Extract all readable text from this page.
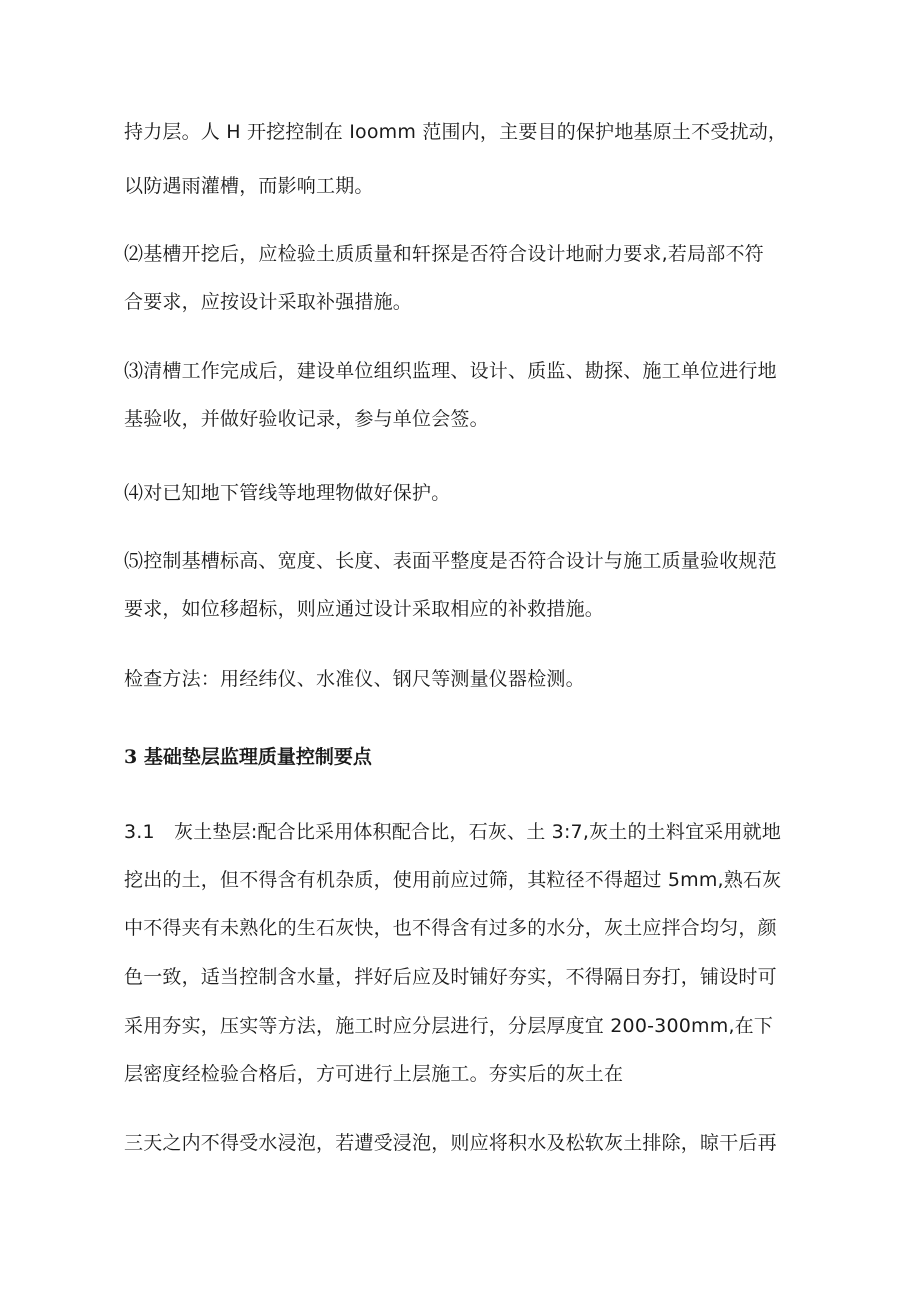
持力层。人 H 开挖控制在 Ioomm 范围内，主要目的保护地基原土不受扰动，
以防遇雨灌槽，而影响工期。
⑵基槽开挖后，应检验土质质量和轩探是否符合设计地耐力要求,若局部不符
合要求，应按设计采取补强措施。
⑶清槽工作完成后，建设单位组织监理、设计、质监、勘探、施工单位进行地
基验收，并做好验收记录，参与单位会签。
⑷对已知地下管线等地理物做好保护。
⑸控制基槽标高、宽度、长度、表面平整度是否符合设计与施工质量验收规范
要求，如位移超标，则应通过设计采取相应的补救措施。
检查方法：用经纬仪、水准仪、钢尺等测量仪器检测。
3 基础垫层监理质量控制要点
3.1　灰土垫层:配合比采用体积配合比，石灰、土 3:7,灰土的土料宜采用就地
挖出的土，但不得含有机杂质，使用前应过筛，其粒径不得超过 5mm,熟石灰
中不得夹有未熟化的生石灰快，也不得含有过多的水分，灰土应拌合均匀，颜
色一致，适当控制含水量，拌好后应及时铺好夯实，不得隔日夯打，铺设时可
采用夯实，压实等方法，施工时应分层进行，分层厚度宜 200-300mm,在下
层密度经检验合格后，方可进行上层施工。夯实后的灰土在
三天之内不得受水浸泡，若遭受浸泡，则应将积水及松软灰土排除，晾干后再
